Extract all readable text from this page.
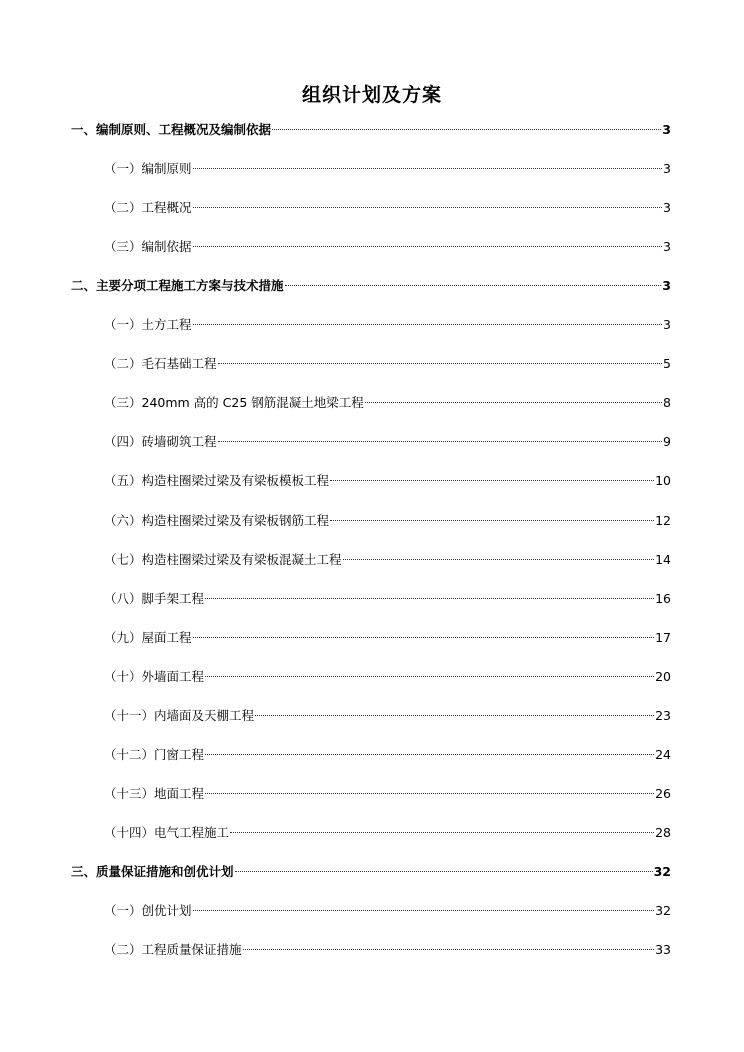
组织计划及方案
一、编制原则、工程概况及编制依据	3
（一）编制原则	3
（二）工程概况	3
（三）编制依据	3
二、主要分项工程施工方案与技术措施	3
（一）土方工程	3
（二）毛石基础工程	5
（三）240mm 高的 C25 钢筋混凝土地梁工程	8
（四）砖墙砌筑工程	9
（五）构造柱圈梁过梁及有梁板模板工程	10
（六）构造柱圈梁过梁及有梁板钢筋工程	12
（七）构造柱圈梁过梁及有梁板混凝土工程	14
（八）脚手架工程	16
（九）屋面工程	17
（十）外墙面工程	20
（十一）内墙面及天棚工程	23
（十二）门窗工程	24
（十三）地面工程	26
（十四）电气工程施工	28
三、质量保证措施和创优计划	32
（一）创优计划	32
（二）工程质量保证措施	33
